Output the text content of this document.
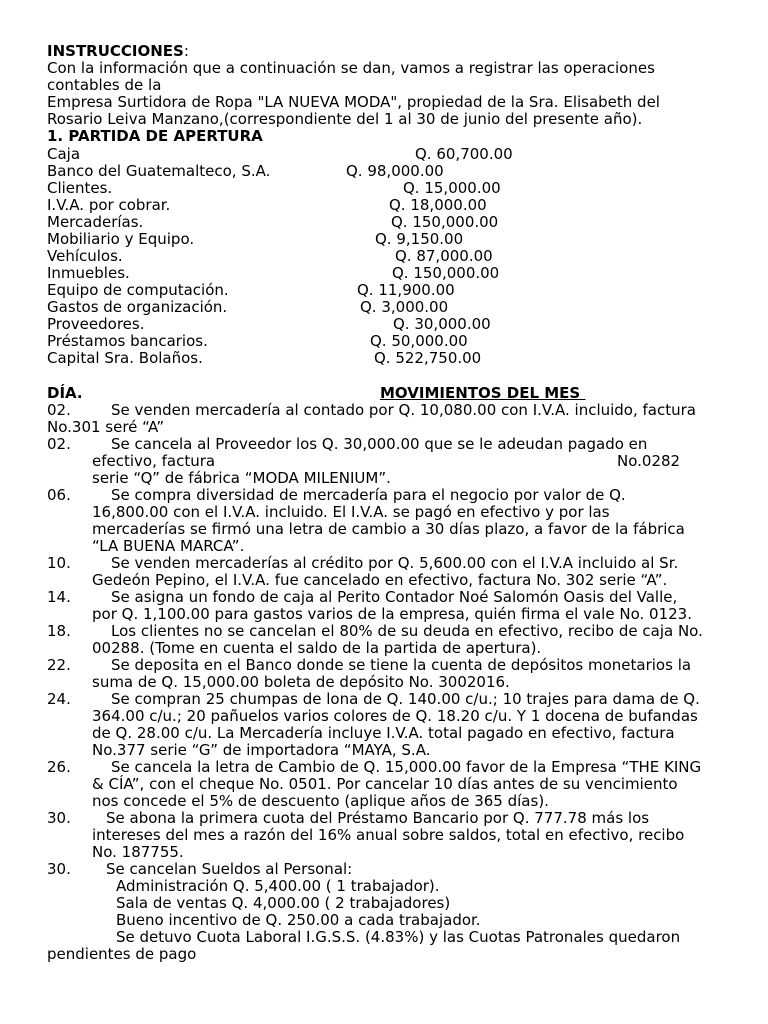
INSTRUCCIONES:
Con la información que a continuación se dan, vamos a registrar las operaciones
contables de la
Empresa Surtidora de Ropa "LA NUEVA MODA", propiedad de la Sra. Elisabeth del
Rosario Leiva Manzano,(correspondiente del 1 al 30 de junio del presente año).
1. PARTIDA DE APERTURA
Caja	Q. 60,700.00
Banco del Guatemalteco, S.A.	Q. 98,000.00
Clientes.	Q. 15,000.00
I.V.A. por cobrar.	Q. 18,000.00
Mercaderías.	Q. 150,000.00
Mobiliario y Equipo.	Q. 9,150.00
Vehículos.	Q. 87,000.00
Inmuebles.	Q. 150,000.00
Equipo de computación.	Q. 11,900.00
Gastos de organización.	Q. 3,000.00
Proveedores.	Q. 30,000.00
Préstamos bancarios.	Q. 50,000.00
Capital Sra. Bolaños.	Q. 522,750.00
DÍA.	MOVIMIENTOS DEL MES
02.	Se venden mercadería al contado por Q. 10,080.00 con I.V.A. incluido, factura
No.301 seré “A”
02.	Se cancela al Proveedor los Q. 30,000.00 que se le adeudan pagado en
efectivo, factura	No.0282
serie “Q” de fábrica “MODA MILENIUM”.
06.	Se compra diversidad de mercadería para el negocio por valor de Q.
16,800.00 con el I.V.A. incluido. El I.V.A. se pagó en efectivo y por las
mercaderías se firmó una letra de cambio a 30 días plazo, a favor de la fábrica
“LA BUENA MARCA”.
10.	Se venden mercaderías al crédito por Q. 5,600.00 con el I.V.A incluido al Sr.
Gedeón Pepino, el I.V.A. fue cancelado en efectivo, factura No. 302 serie “A”.
14.	Se asigna un fondo de caja al Perito Contador Noé Salomón Oasis del Valle,
por Q. 1,100.00 para gastos varios de la empresa, quién firma el vale No. 0123.
18.	Los clientes no se cancelan el 80% de su deuda en efectivo, recibo de caja No.
00288. (Tome en cuenta el saldo de la partida de apertura).
22.	Se deposita en el Banco donde se tiene la cuenta de depósitos monetarios la
suma de Q. 15,000.00 boleta de depósito No. 3002016.
24.	Se compran 25 chumpas de lona de Q. 140.00 c/u.; 10 trajes para dama de Q.
364.00 c/u.; 20 pañuelos varios colores de Q. 18.20 c/u. Y 1 docena de bufandas
de Q. 28.00 c/u. La Mercadería incluye I.V.A. total pagado en efectivo, factura
No.377 serie “G” de importadora “MAYA, S.A.
26.	Se cancela la letra de Cambio de Q. 15,000.00 favor de la Empresa “THE KING
& CÍA”, con el cheque No. 0501. Por cancelar 10 días antes de su vencimiento
nos concede el 5% de descuento (aplique años de 365 días).
30. Se abona la primera cuota del Préstamo Bancario por Q. 777.78 más los
intereses del mes a razón del 16% anual sobre saldos, total en efectivo, recibo
No. 187755.
30. Se cancelan Sueldos al Personal:
Administración Q. 5,400.00 ( 1 trabajador).
Sala de ventas Q. 4,000.00 ( 2 trabajadores)
Bueno incentivo de Q. 250.00 a cada trabajador.
Se detuvo Cuota Laboral I.G.S.S. (4.83%) y las Cuotas Patronales quedaron
pendientes de pago
